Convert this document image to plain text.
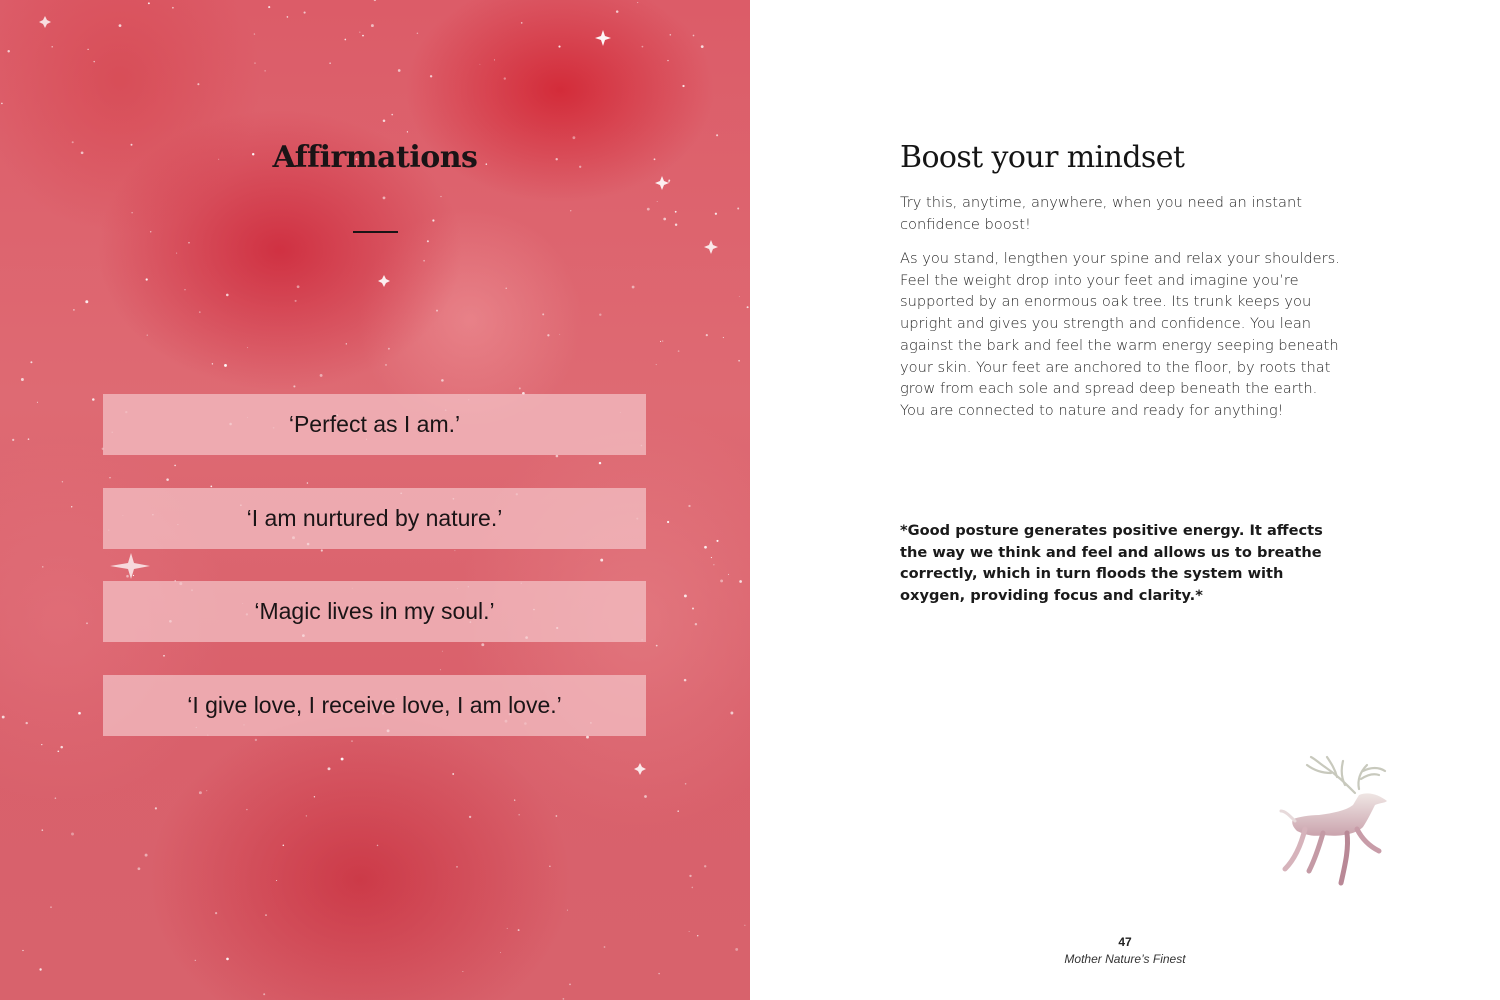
Affirmations
‘Perfect as I am.’
‘I am nurtured by nature.’
‘Magic lives in my soul.’
‘I give love, I receive love, I am love.’
Boost your mindset

Try this, anytime, anywhere, when you need an instant confidence boost!

As you stand, lengthen your spine and relax your shoulders. Feel the weight drop into your feet and imagine you’re supported by an enormous oak tree. Its trunk keeps you upright and gives you strength and confidence. You lean against the bark and feel the warm energy seeping beneath your skin. Your feet are anchored to the floor, by roots that grow from each sole and spread deep beneath the earth. You are connected to nature and ready for anything!

*Good posture generates positive energy. It affects the way we think and feel and allows us to breathe correctly, which in turn floods the system with oxygen, providing focus and clarity.*

47
Mother Nature’s Finest
